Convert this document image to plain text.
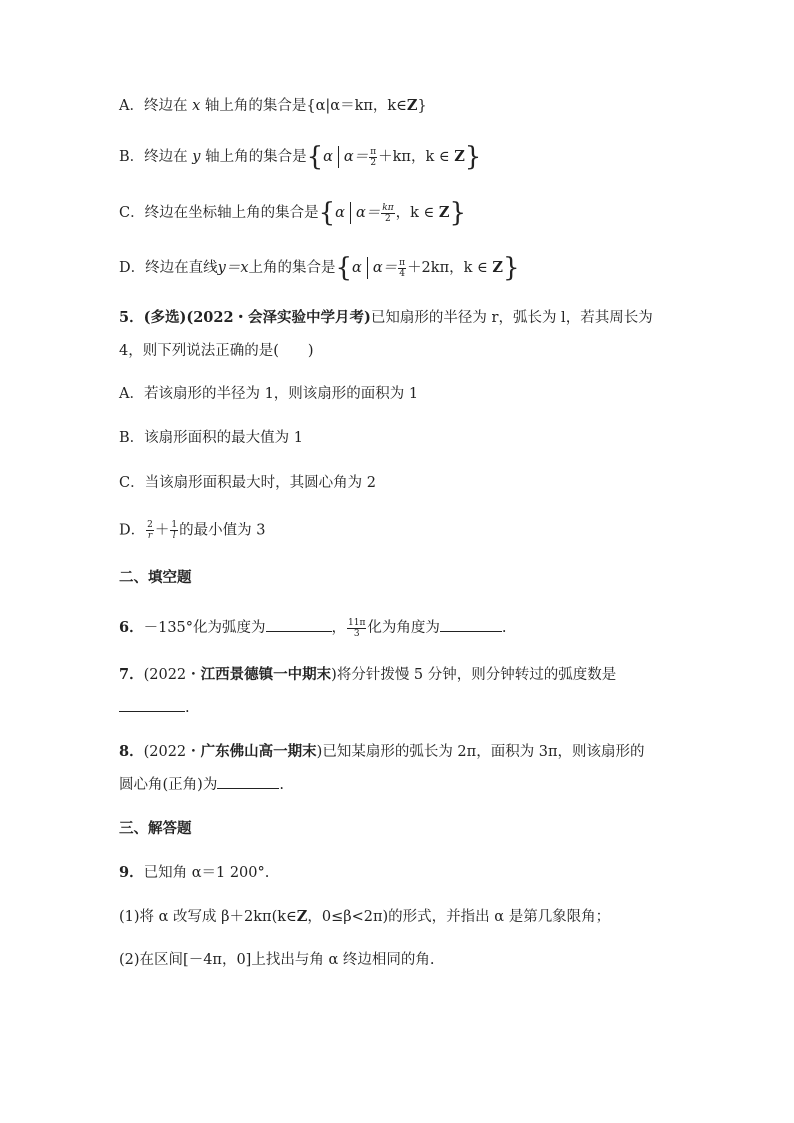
A．终边在 x 轴上角的集合是{α|α＝kπ，k∈Z}
B．终边在 y 轴上角的集合是{α $\alpha= \frac{\pi}{2} +k\pi$，k ∈ Z}
C．终边在坐标轴上角的集合是{α $\alpha= \frac{k\pi}{2}$ ，k ∈ Z}
D．终边在直线y＝x上角的集合是{α $\alpha= \frac{\pi}{4} +2k\pi$，k ∈ Z}
5．(多选)(2022・会泽实验中学月考)已知扇形的半径为 r，弧长为 l，若其周长为
4，则下列说法正确的是(　　)
A．若该扇形的半径为 1，则该扇形的面积为 1
B．该扇形面积的最大值为 1
C．当该扇形面积最大时，其圆心角为 2
D． $\frac{2}{r} + \frac{1}{l}$ 的最小值为 3
二、填空题
6．－135°化为弧度为	， $\frac{11\pi}{3}$ 化为角度为	.
7．(2022・江西景德镇一中期末)将分针拨慢 5 分钟，则分钟转过的弧度数是
.
8．(2022・广东佛山高一期末)已知某扇形的弧长为 2π，面积为 3π，则该扇形的
圆心角(正角)为	.
三、解答题
9．已知角 α＝1 200°.
(1)将 α 改写成 β＋2kπ(k∈Z，0≤β<2π)的形式，并指出 α 是第几象限角；
(2)在区间[－4π，0]上找出与角 α 终边相同的角.
